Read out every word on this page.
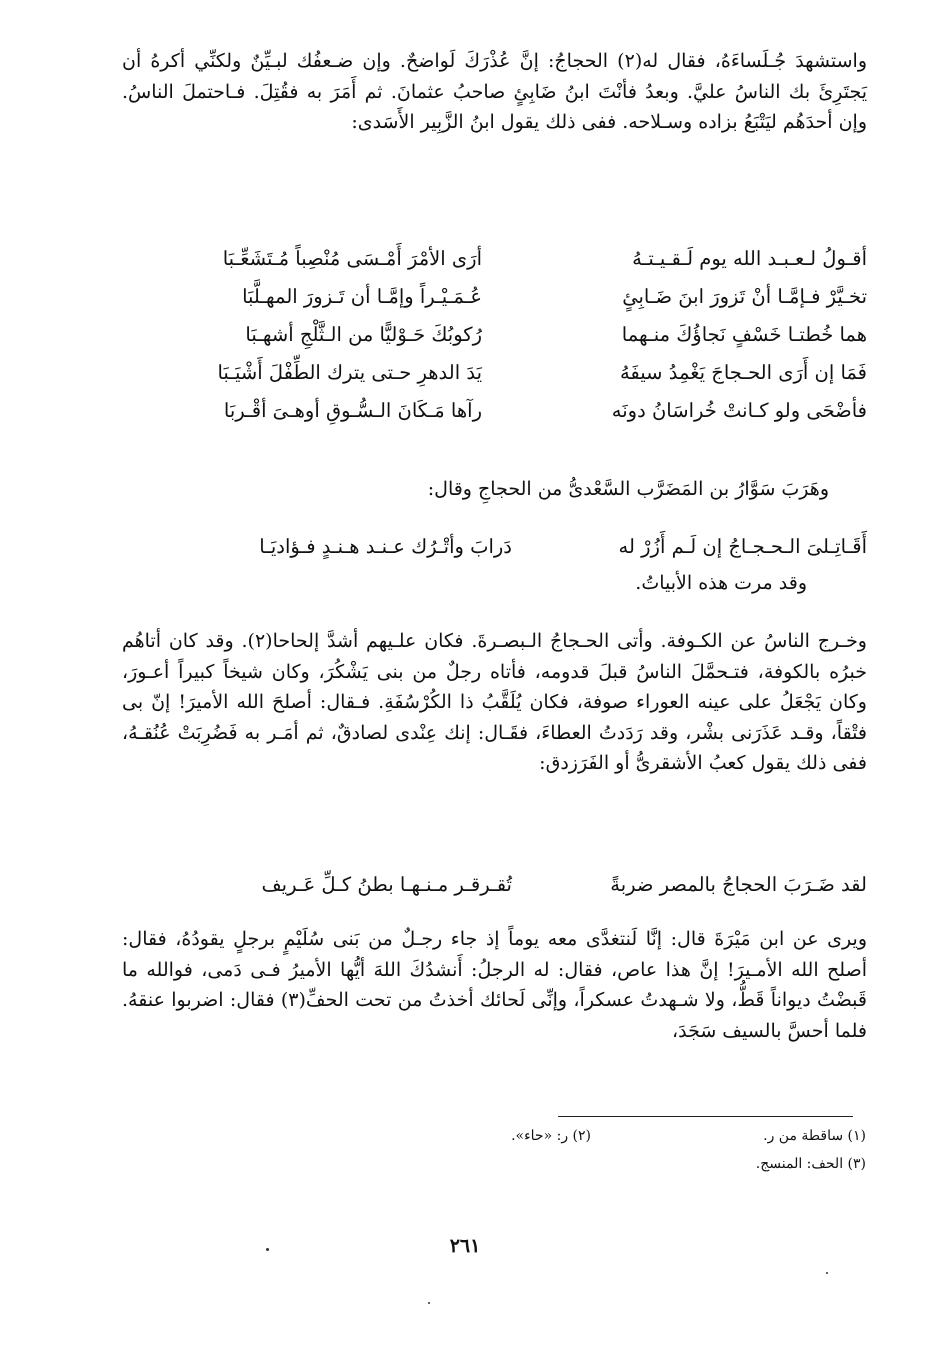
واستشهدَ جُـلَساءَهُ، فقال له(٢) الحجاجُ: إنَّ عُذْرَكَ لَواضحٌ. وإن ضـعفُك لبـيِّنٌ ولكنِّي أكرهُ أن يَجتَرِئَ بك الناسُ عليَّ. وبعدُ فأنْتَ ابنُ ضَابِئٍ صاحبُ عثمانَ. ثم أَمَرَ به فقُتِلَ. فـاحتملَ الناسُ. وإن أحدَهُم ليَتْبَعُ بزاده وسـلاحه. ففى ذلك يقول ابنُ الزَّبِير الأَسَدى:

أقـولُ لـعـبـد الله يوم لَـقـيـتـهُ
أرَى الأمْرَ أَمْـسَى مُنْصِباً مُـتَشَعِّـبَا
تخـيَّرْ فـإمَّـا أنْ تَزورَ ابنَ ضَـابِئٍ
عُـمَـيْـراً وإمَّـا أن تَـزورَ المهـلَّبَا
هما خُطتـا خَسْفٍ نَجاؤُكَ منـهما
رُكوبُكَ حَـوْليًّا من الـثَّلْجِ أشهـبَا
فَمَا إن أَرَى الحـجاجَ يَغْمِدُ سيفَهُ
يَدَ الدهرِ حـتى يترك الطِّفْلَ أَشْيَـبَا
فأضْحَى ولو كـانتْ خُراسَانُ دونَه
رآها مَـكَانَ الـسُّـوقِ أوهـىَ أقْـربَا

وهَرَبَ سَوَّارُ بن المَضَرَّب السَّعْدىُّ من الحجاجِ وقال:

أَقَـاتِـلىَ الـحـجـاجُ إن لَـم أَزُرْ له
دَرابَ وأتْـرُك عـنـد هـنـدٍ فـؤاديَـا

وقد مرت هذه الأبياتُ.

وخـرج الناسُ عن الكـوفة. وأتى الحـجاجُ الـبصـرةَ. فكان علـيهم أشدَّ إلحاحا(٢). وقد كان أتاهُم خبرُه بالكوفة، فتـحمَّلَ الناسُ قبلَ قدومه، فأتاه رجلٌ من بنى يَشْكُرَ، وكان شيخاً كبيراً أعـورَ، وكان يَجْعَلُ على عينه العوراء صوفة، فكان يُلَقَّبُ ذا الكُرْسُفَةِ. فـقال: أصلحَ الله الأميرَ! إنّ بى فتْقاً، وقـد عَذَرَنى بشْر، وقد رَدَدتُ العطاءَ، فقَـال: إنك عِنْدى لصادقٌ، ثم أمَـر به فَضُرِبَتْ عُنُقـهُ، ففى ذلك يقول كعبُ الأشقرىُّ أو الفَرَزدق:

لقد ضَـرَبَ الحجاجُ بالمصر ضربةً
تُقـرقـر مـنـهـا بطنُ كـلِّ عَـريف

ويرى عن ابن مَيْرَةَ قال: إنَّا لَنتغدَّى معه يوماً إذ جاء رجـلٌ من بَنى سُلَيْمٍ برجلٍ يقودُهُ، فقال: أصلح الله الأمـيرَ! إنَّ هذا عاص، فقال: له الرجلُ: أَنشدُكَ اللهَ أيُّها الأميرُ فـى دَمى، فوالله ما قَبضْتُ ديواناً قَطُّ، ولا شـهدتُ عسكراً، وإنِّى لَحائك أخذتُ من تحت الحفِّ(٣) فقال: اضربوا عنقهُ. فلما أحسَّ بالسيف سَجَدَ،

(١) ساقطة من ر.
(٢) ر: «حاء».
(٣) الحف: المنسج.
٢٦١
